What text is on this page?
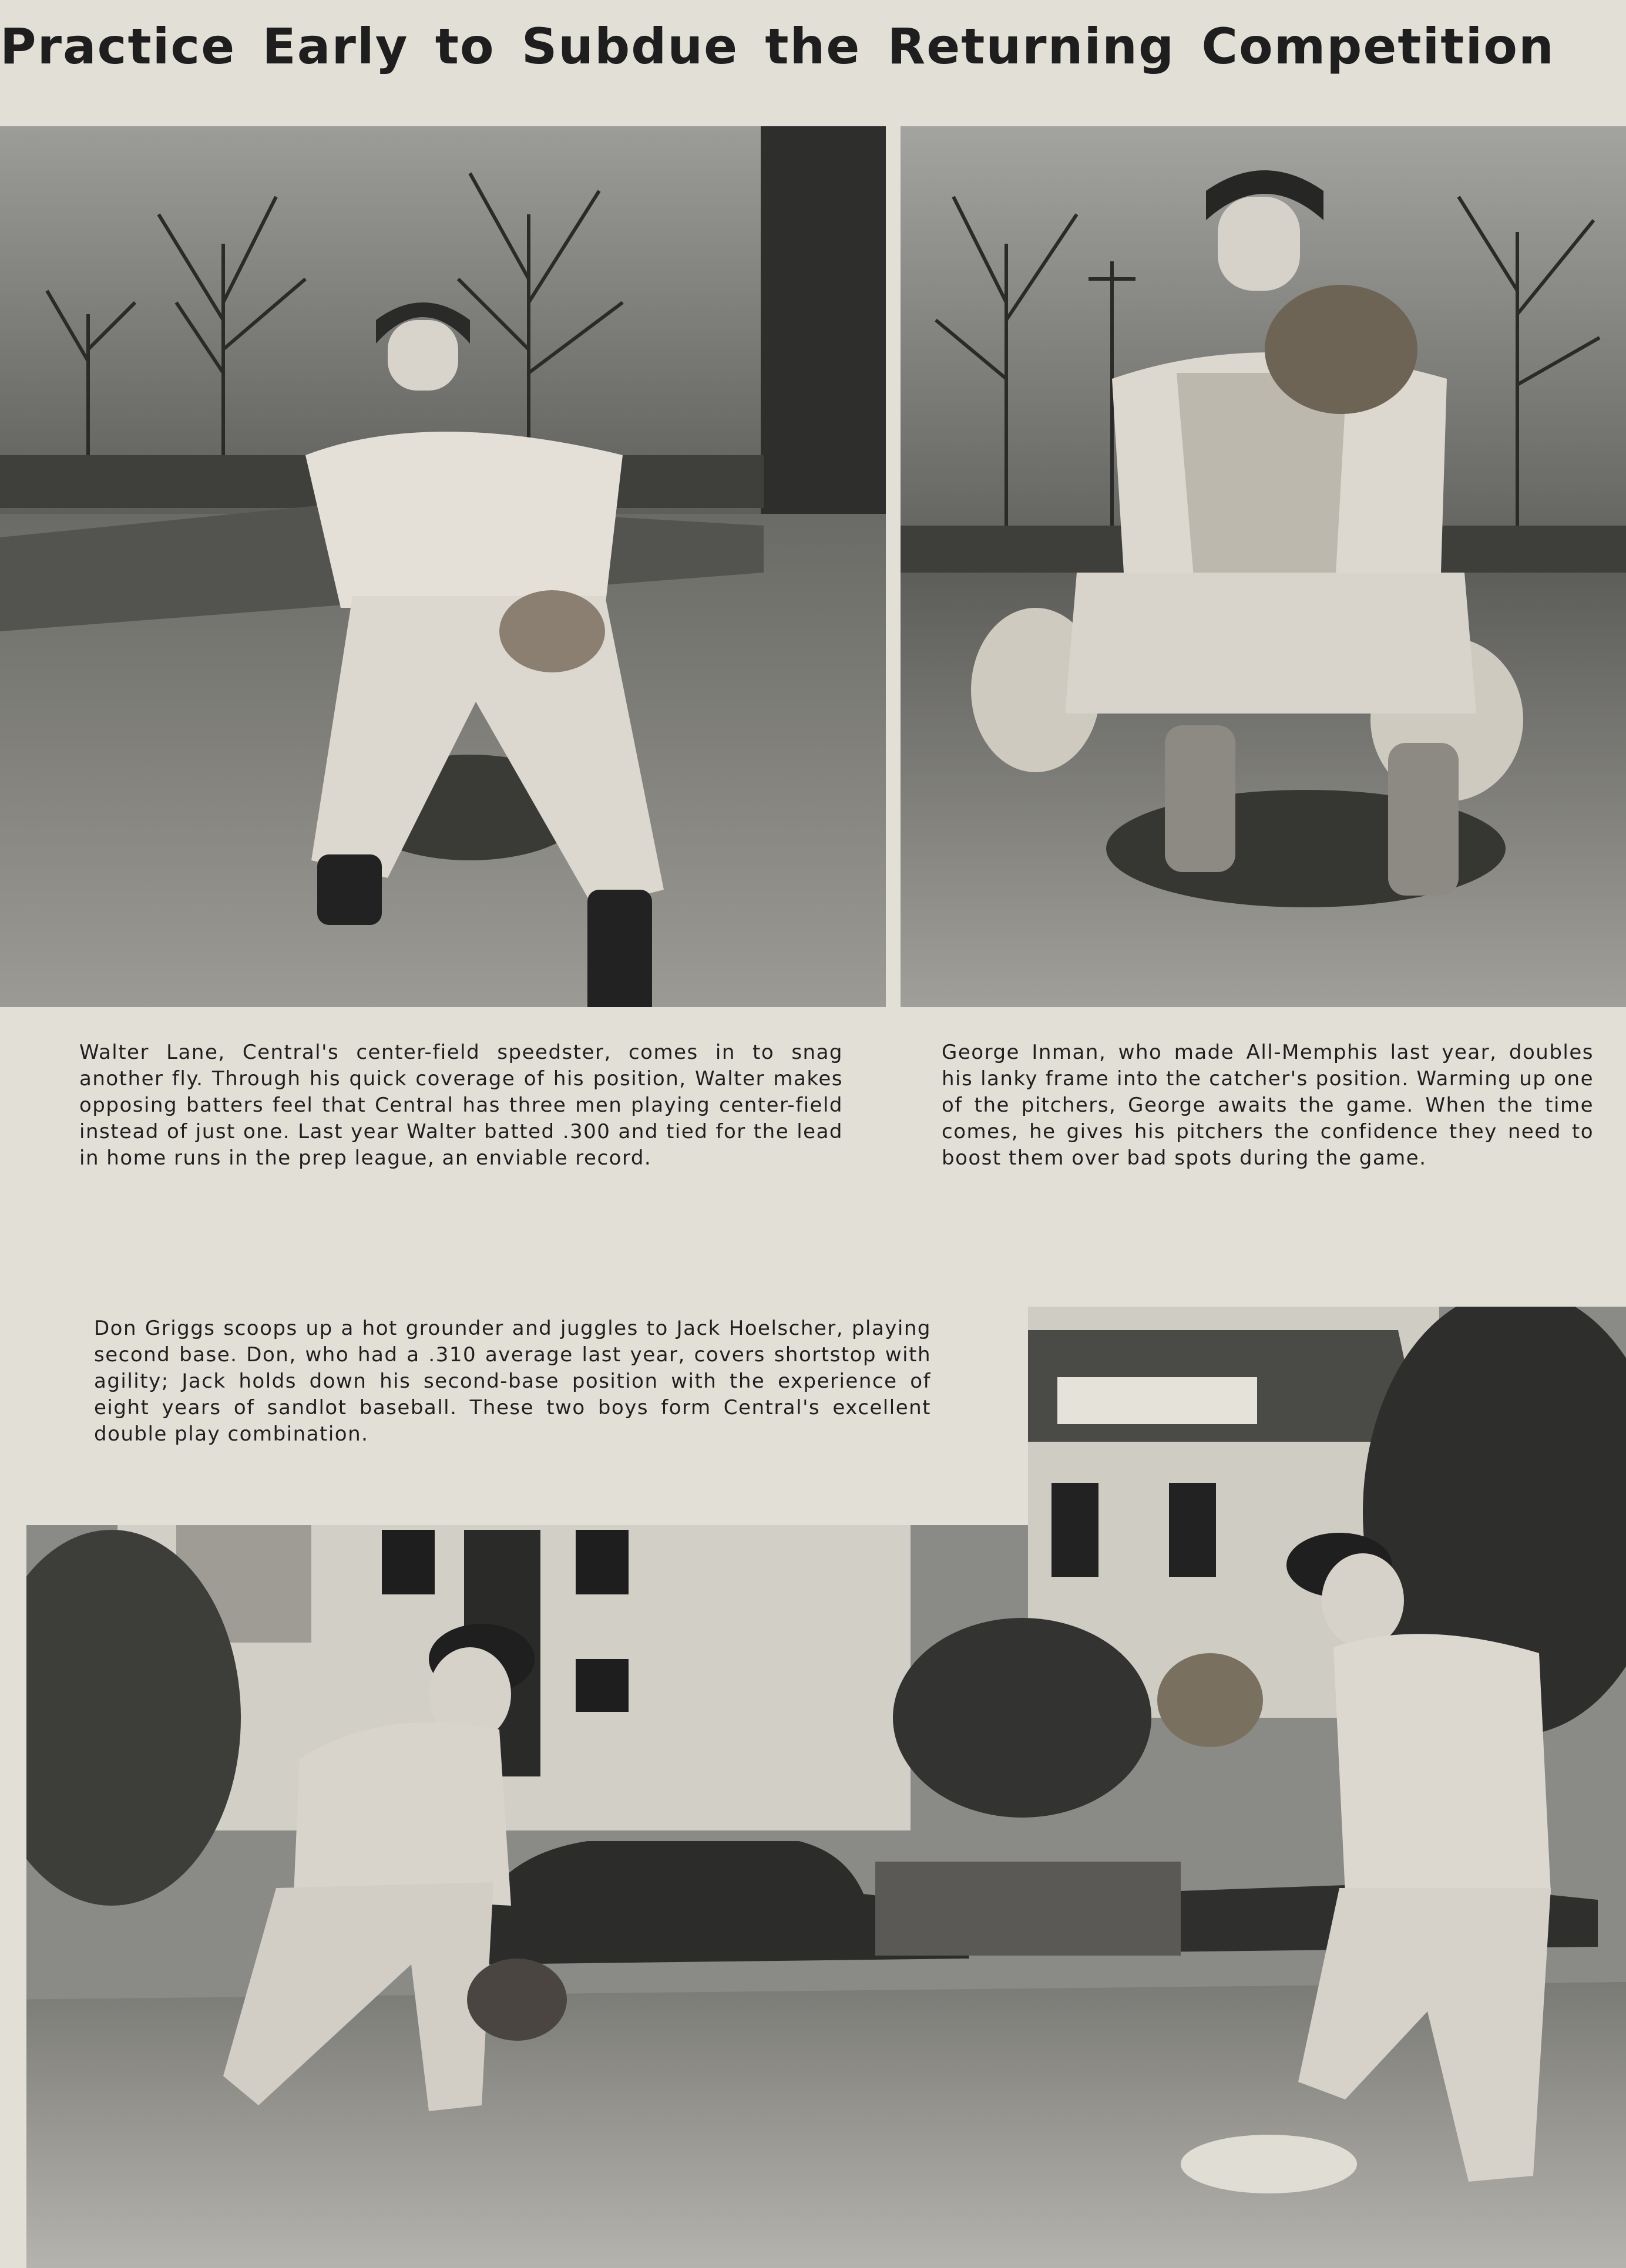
Practice Early to Subdue the Returning Competition

Walter Lane, Central's center-field speedster, comes in to snag another fly. Through his quick coverage of his position, Walter makes opposing batters feel that Central has three men playing center-field instead of just one. Last year Walter batted .300 and tied for the lead in home runs in the prep league, an enviable record.

George Inman, who made All-Memphis last year, doubles his lanky frame into the catcher's position. Warming up one of the pitchers, George awaits the game. When the time comes, he gives his pitchers the confidence they need to boost them over bad spots during the game.

Don Griggs scoops up a hot grounder and juggles to Jack Hoelscher, playing second base. Don, who had a .310 average last year, covers shortstop with agility; Jack holds down his second-base position with the experience of eight years of sandlot baseball. These two boys form Central's excellent double play combination.
